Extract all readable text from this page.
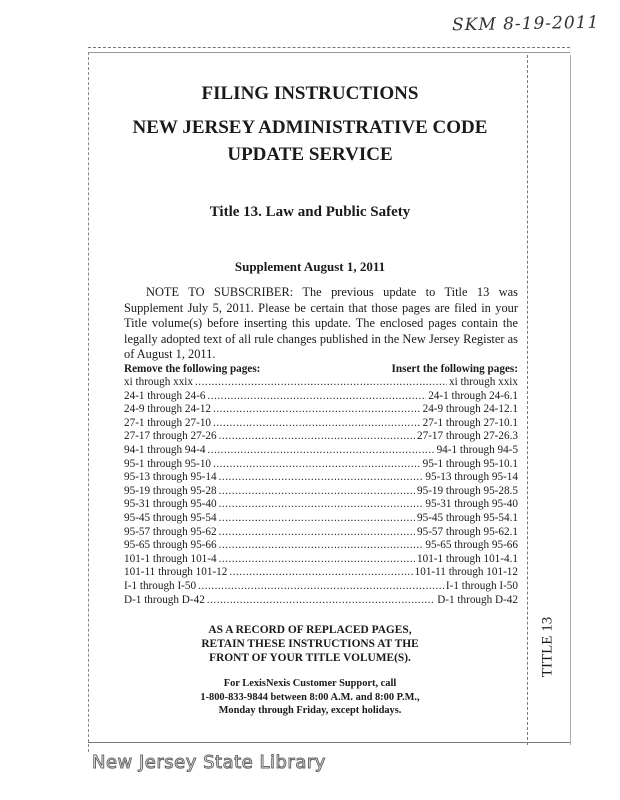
SKM 8-19-2011
FILING INSTRUCTIONS
NEW JERSEY ADMINISTRATIVE CODE
UPDATE SERVICE
Title 13. Law and Public Safety
Supplement August 1, 2011
NOTE TO SUBSCRIBER: The previous update to Title 13 was Supplement July 5, 2011. Please be certain that those pages are filed in your Title volume(s) before inserting this update. The enclosed pages contain the legally adopted text of all rule changes published in the New Jersey Register as of August 1, 2011.
Remove the following pages:	Insert the following pages:
xi through xxix .....	xi through xxix
24-1 through 24-6 .....	24-1 through 24-6.1
24-9 through 24-12 .....	24-9 through 24-12.1
27-1 through 27-10 .....	27-1 through 27-10.1
27-17 through 27-26 .....	27-17 through 27-26.3
94-1 through 94-4 .....	94-1 through 94-5
95-1 through 95-10 .....	95-1 through 95-10.1
95-13 through 95-14 .....	95-13 through 95-14
95-19 through 95-28 .....	95-19 through 95-28.5
95-31 through 95-40 .....	95-31 through 95-40
95-45 through 95-54 .....	95-45 through 95-54.1
95-57 through 95-62 .....	95-57 through 95-62.1
95-65 through 95-66 .....	95-65 through 95-66
101-1 through 101-4 .....	101-1 through 101-4.1
101-11 through 101-12 .....	101-11 through 101-12
I-1 through I-50 .....	I-1 through I-50
D-1 through D-42 .....	D-1 through D-42
AS A RECORD OF REPLACED PAGES,
RETAIN THESE INSTRUCTIONS AT THE
FRONT OF YOUR TITLE VOLUME(S).
For LexisNexis Customer Support, call
1-800-833-9844 between 8:00 A.M. and 8:00 P.M.,
Monday through Friday, except holidays.
TITLE 13
New Jersey State Library
